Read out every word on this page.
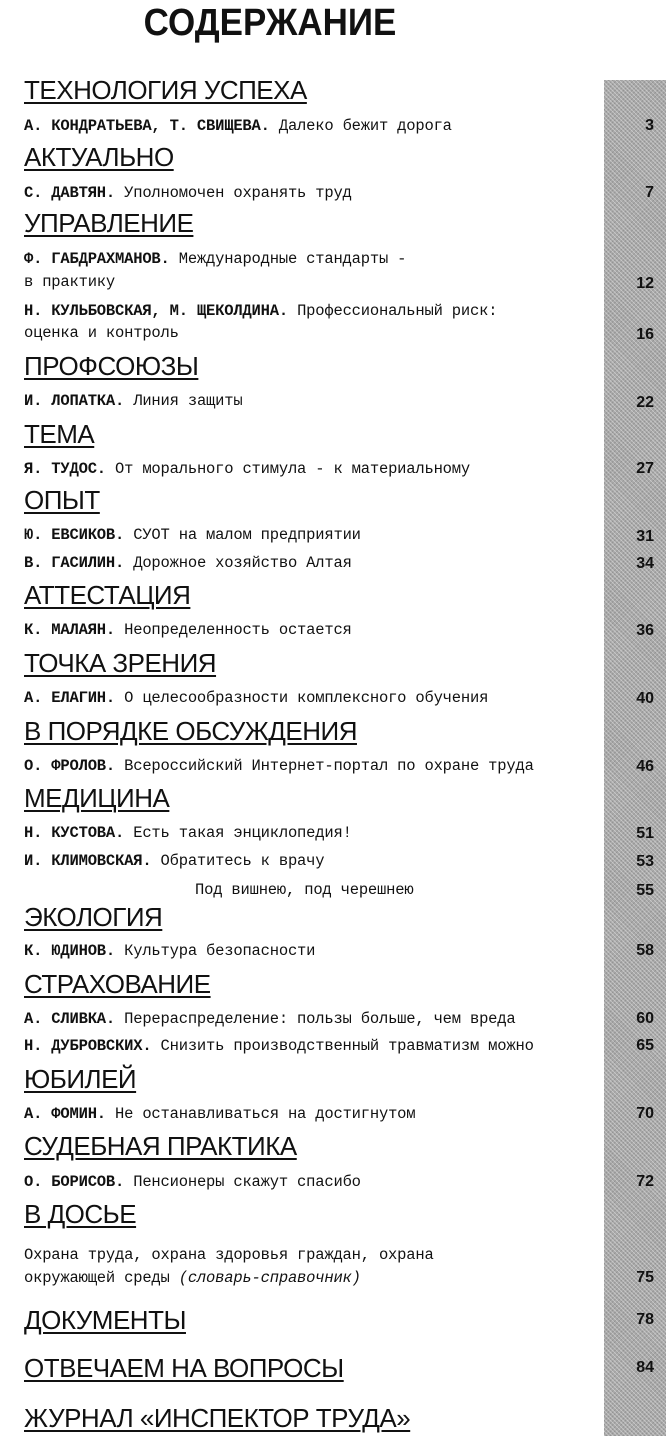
СОДЕРЖАНИЕ
ТЕХНОЛОГИЯ УСПЕХА
А. КОНДРАТЬЕВА, Т. СВИЩЕВА. Далеко бежит дорога	3
АКТУАЛЬНО
С. ДАВТЯН. Уполномочен охранять труд	7
УПРАВЛЕНИЕ
Ф. ГАБДРАХМАНОВ. Международные стандарты -
в практику	12
Н. КУЛЬБОВСКАЯ, М. ЩЕКОЛДИНА. Профессиональный риск:
оценка и контроль	16
ПРОФСОЮЗЫ
И. ЛОПАТКА. Линия защиты	22
ТЕМА
Я. ТУДОС. От морального стимула - к материальному	27
ОПЫТ
Ю. ЕВСИКОВ. СУОТ на малом предприятии	31
В. ГАСИЛИН. Дорожное хозяйство Алтая	34
АТТЕСТАЦИЯ
К. МАЛАЯН. Неопределенность остается	36
ТОЧКА ЗРЕНИЯ
А. ЕЛАГИН. О целесообразности комплексного обучения	40
В ПОРЯДКЕ ОБСУЖДЕНИЯ
О. ФРОЛОВ. Всероссийский Интернет-портал по охране труда	46
МЕДИЦИНА
Н. КУСТОВА. Есть такая энциклопедия!	51
И. КЛИМОВСКАЯ. Обратитесь к врачу	53
Под вишнею, под черешнею	55
ЭКОЛОГИЯ
К. ЮДИНОВ. Культура безопасности	58
СТРАХОВАНИЕ
А. СЛИВКА. Перераспределение: пользы больше, чем вреда	60
Н. ДУБРОВСКИХ. Снизить производственный травматизм можно	65
ЮБИЛЕЙ
А. ФОМИН. Не останавливаться на достигнутом	70
СУДЕБНАЯ ПРАКТИКА
О. БОРИСОВ. Пенсионеры скажут спасибо	72
В ДОСЬЕ
Охрана труда, охрана здоровья граждан, охрана
окружающей среды (словарь-справочник)	75
ДОКУМЕНТЫ	78
ОТВЕЧАЕМ НА ВОПРОСЫ	84
ЖУРНАЛ «ИНСПЕКТОР ТРУДА»
